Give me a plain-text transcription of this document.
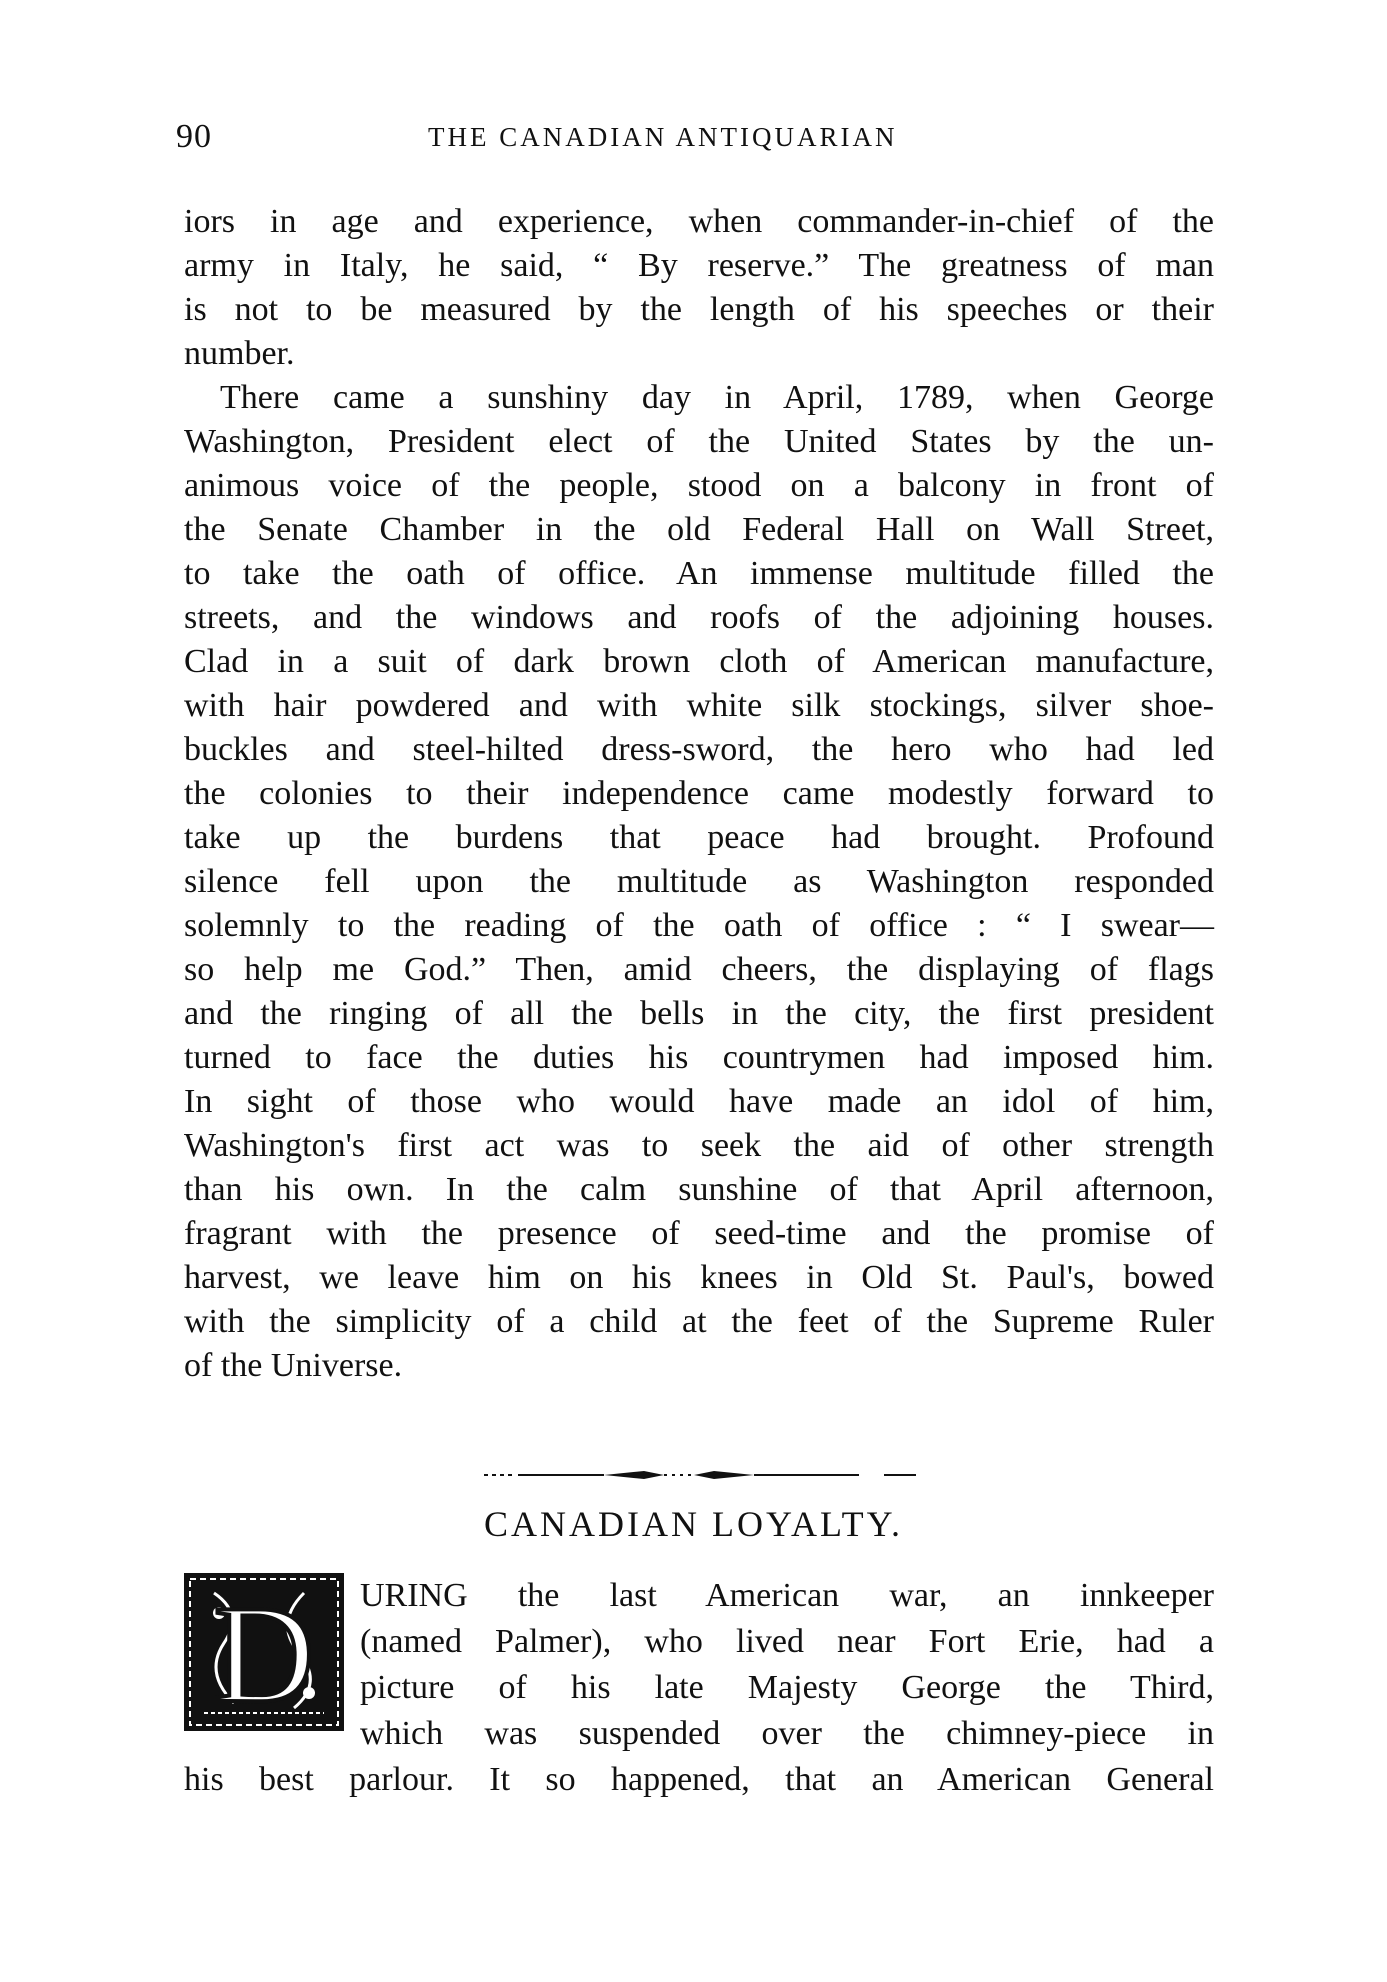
90	THE CANADIAN ANTIQUARIAN
iors in age and experience, when commander-in-chief of the
army in Italy, he said, “ By reserve.” The greatness of man
is not to be measured by the length of his speeches or their
number.
There came a sunshiny day in April, 1789, when George
Washington, President elect of the United States by the un-
animous voice of the people, stood on a balcony in front of
the Senate Chamber in the old Federal Hall on Wall Street,
to take the oath of office. An immense multitude filled the
streets, and the windows and roofs of the adjoining houses.
Clad in a suit of dark brown cloth of American manufacture,
with hair powdered and with white silk stockings, silver shoe-
buckles and steel-hilted dress-sword, the hero who had led
the colonies to their independence came modestly forward to
take up the burdens that peace had brought. Profound
silence fell upon the multitude as Washington responded
solemnly to the reading of the oath of office : “ I swear—
so help me God.” Then, amid cheers, the displaying of flags
and the ringing of all the bells in the city, the first president
turned to face the duties his countrymen had imposed him.
In sight of those who would have made an idol of him,
Washington's first act was to seek the aid of other strength
than his own. In the calm sunshine of that April afternoon,
fragrant with the presence of seed-time and the promise of
harvest, we leave him on his knees in Old St. Paul's, bowed
with the simplicity of a child at the feet of the Supreme Ruler
of the Universe.
CANADIAN LOYALTY.
D URING the last American war, an innkeeper
(named Palmer), who lived near Fort Erie, had a
picture of his late Majesty George the Third,
which was suspended over the chimney-piece in
his best parlour. It so happened, that an American General
